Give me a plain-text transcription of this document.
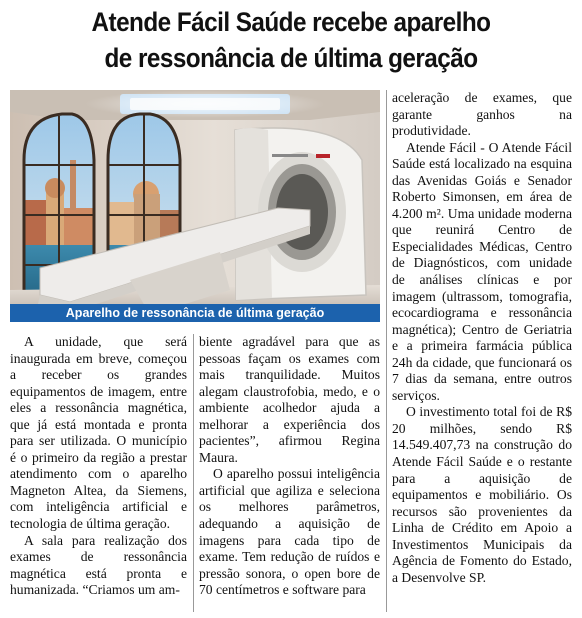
Atende Fácil Saúde recebe aparelho
de ressonância de última geração
Aparelho de ressonância de última geração

A unidade, que será inaugurada em breve, começou a receber os grandes equipamentos de imagem, entre eles a ressonância magnética, que já está montada e pronta para ser utilizada. O município é o primeiro da região a prestar atendimento com o aparelho Magneton Altea, da Siemens, com inteligência artificial e tecnologia de última geração.

A sala para realização dos exames de ressonância magnética está pronta e humanizada. “Criamos um am-

biente agradável para que as pessoas façam os exames com mais tranquilidade. Muitos alegam claustrofobia, medo, e o ambiente acolhedor ajuda a melhorar a experiência dos pacientes”, afirmou Regina Maura.

O aparelho possui inteligência artificial que agiliza e seleciona os melhores parâmetros, adequando a aquisição de imagens para cada tipo de exame. Tem redução de ruídos e pressão sonora, o open bore de 70 centímetros e software para

aceleração de exames, que garante ganhos na produtividade.

Atende Fácil - O Atende Fácil Saúde está localizado na esquina das Avenidas Goiás e Senador Roberto Simonsen, em área de 4.200 m². Uma unidade moderna que reunirá Centro de Especialidades Médicas, Centro de Diagnósticos, com unidade de análises clínicas e por imagem (ultrassom, tomografia, ecocardiograma e ressonância magnética); Centro de Geriatria e a primeira farmácia pública 24h da cidade, que funcionará os 7 dias da semana, entre outros serviços.

O investimento total foi de R$ 20 milhões, sendo R$ 14.549.407,73 na construção do Atende Fácil Saúde e o restante para a aquisição de equipamentos e mobiliário. Os recursos são provenientes da Linha de Crédito em Apoio a Investimentos Municipais da Agência de Fomento do Estado, a Desenvolve SP.
